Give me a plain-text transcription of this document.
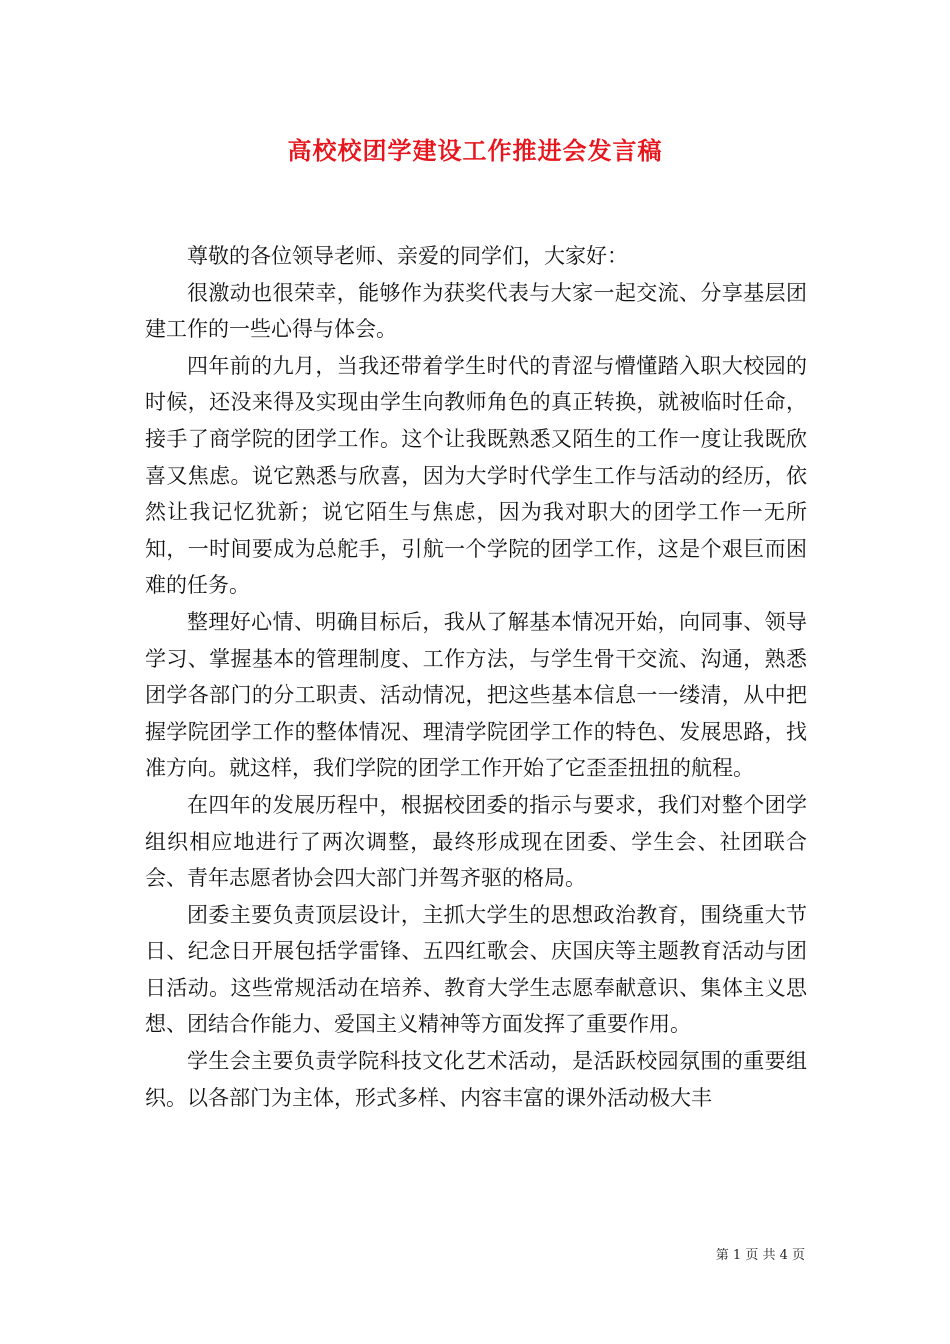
高校校团学建设工作推进会发言稿

尊敬的各位领导老师、亲爱的同学们，大家好：

很激动也很荣幸，能够作为获奖代表与大家一起交流、分享基层团建工作的一些心得与体会。

四年前的九月，当我还带着学生时代的青涩与懵懂踏入职大校园的时候，还没来得及实现由学生向教师角色的真正转换，就被临时任命，接手了商学院的团学工作。这个让我既熟悉又陌生的工作一度让我既欣喜又焦虑。说它熟悉与欣喜，因为大学时代学生工作与活动的经历，依然让我记忆犹新；说它陌生与焦虑，因为我对职大的团学工作一无所知，一时间要成为总舵手，引航一个学院的团学工作，这是个艰巨而困难的任务。

整理好心情、明确目标后，我从了解基本情况开始，向同事、领导学习、掌握基本的管理制度、工作方法，与学生骨干交流、沟通，熟悉团学各部门的分工职责、活动情况，把这些基本信息一一缕清，从中把握学院团学工作的整体情况、理清学院团学工作的特色、发展思路，找准方向。就这样，我们学院的团学工作开始了它歪歪扭扭的航程。

在四年的发展历程中，根据校团委的指示与要求，我们对整个团学组织相应地进行了两次调整，最终形成现在团委、学生会、社团联合会、青年志愿者协会四大部门并驾齐驱的格局。

团委主要负责顶层设计，主抓大学生的思想政治教育，围绕重大节日、纪念日开展包括学雷锋、五四红歌会、庆国庆等主题教育活动与团日活动。这些常规活动在培养、教育大学生志愿奉献意识、集体主义思想、团结合作能力、爱国主义精神等方面发挥了重要作用。

学生会主要负责学院科技文化艺术活动，是活跃校园氛围的重要组织。以各部门为主体，形式多样、内容丰富的课外活动极大丰

第 1 页 共 4 页
